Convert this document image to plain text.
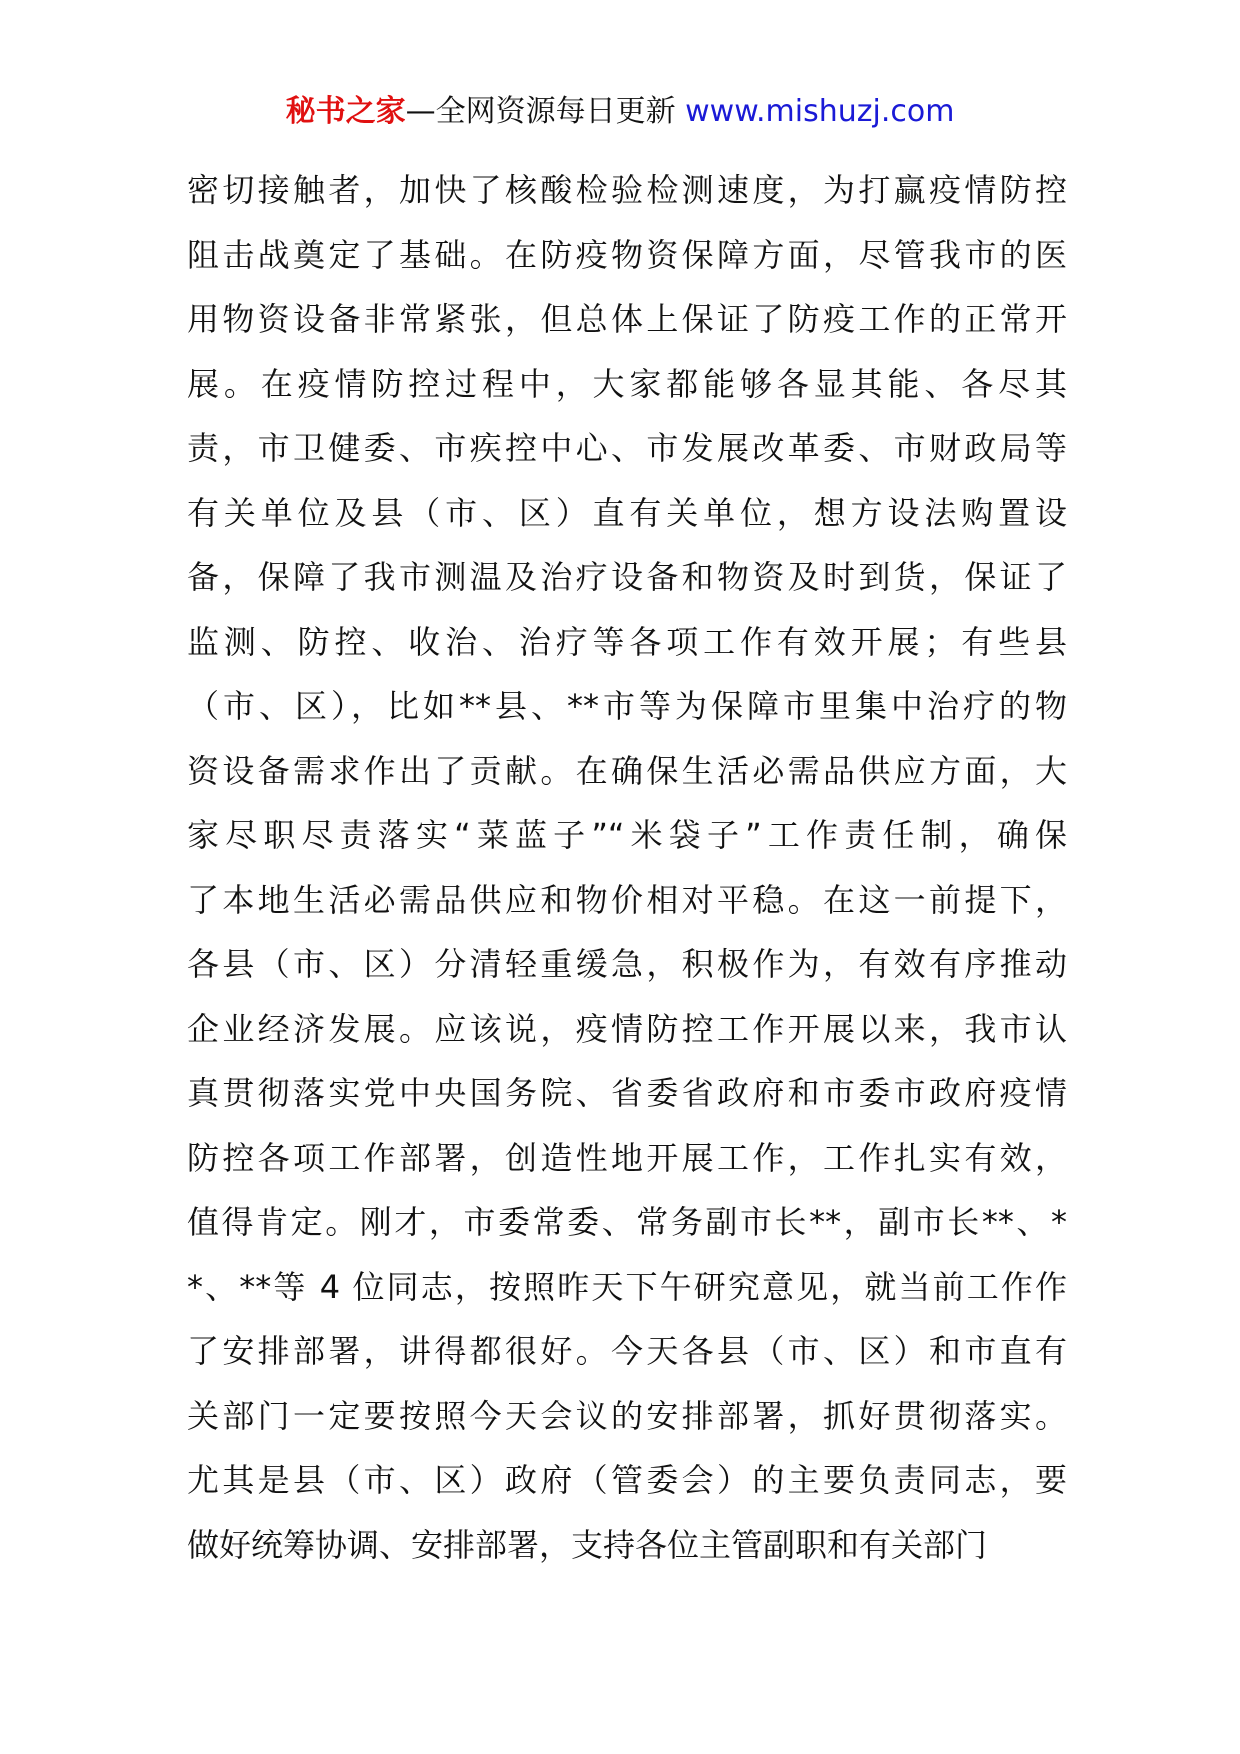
秘书之家—全网资源每日更新 www.mishuzj.com
密切接触者，加快了核酸检验检测速度，为打赢疫情防控
阻击战奠定了基础。在防疫物资保障方面，尽管我市的医
用物资设备非常紧张，但总体上保证了防疫工作的正常开
展。在疫情防控过程中，大家都能够各显其能、各尽其
责，市卫健委、市疾控中心、市发展改革委、市财政局等
有关单位及县（市、区）直有关单位，想方设法购置设
备，保障了我市测温及治疗设备和物资及时到货，保证了
监测、防控、收治、治疗等各项工作有效开展；有些县
（市、区），比如**县、**市等为保障市里集中治疗的物
资设备需求作出了贡献。在确保生活必需品供应方面，大
家尽职尽责落实“菜蓝子”“米袋子”工作责任制，确保
了本地生活必需品供应和物价相对平稳。在这一前提下，
各县（市、区）分清轻重缓急，积极作为，有效有序推动
企业经济发展。应该说，疫情防控工作开展以来，我市认
真贯彻落实党中央国务院、省委省政府和市委市政府疫情
防控各项工作部署，创造性地开展工作，工作扎实有效，
值得肯定。刚才，市委常委、常务副市长**，副市长**、*
*、**等 4 位同志，按照昨天下午研究意见，就当前工作作
了安排部署，讲得都很好。今天各县（市、区）和市直有
关部门一定要按照今天会议的安排部署，抓好贯彻落实。
尤其是县（市、区）政府（管委会）的主要负责同志，要
做好统筹协调、安排部署，支持各位主管副职和有关部门
